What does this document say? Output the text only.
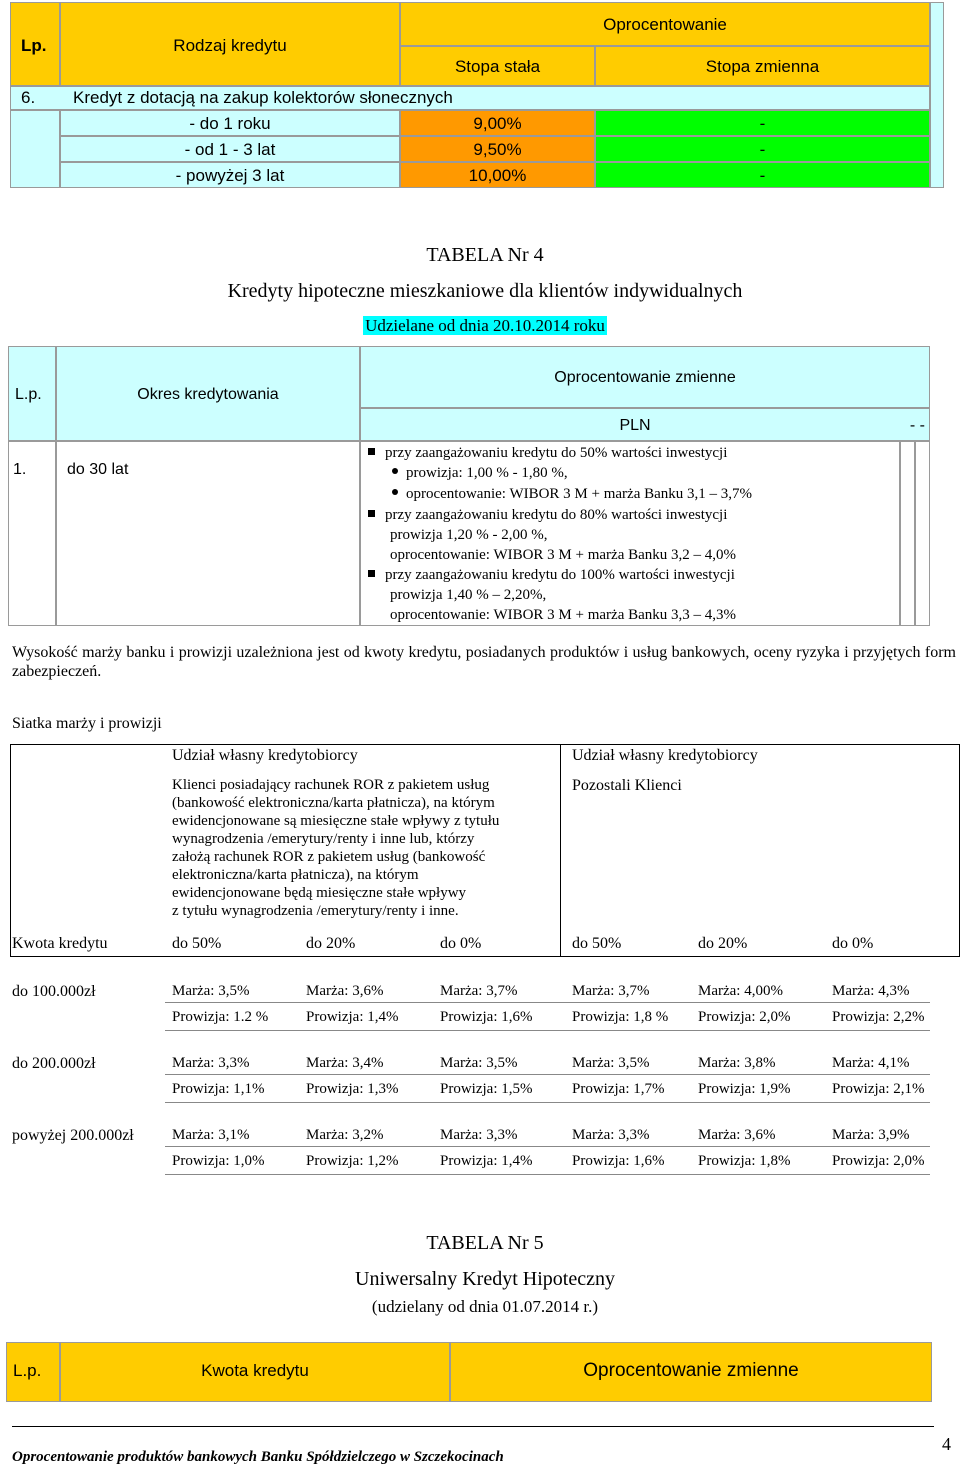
Lp.	Rodzaj kredytu
Oprocentowanie
Stopa stała	Stopa zmienna
6. Kredyt z dotacją na zakup kolektorów słonecznych
- do 1 roku	9,00%	-
- od 1 - 3 lat	9,50%	-
- powyżej 3 lat	10,00%	-
TABELA Nr 4
Kredyty hipoteczne mieszkaniowe dla klientów indywidualnych
Udzielane od dnia 20.10.2014 roku
L.p.	Okres kredytowania
Oprocentowanie zmienne
PLN	- -
1.	do 30 lat
przy zaangażowaniu kredytu do 50% wartości inwestycji
prowizja: 1,00 % - 1,80 %,
oprocentowanie: WIBOR 3 M + marża Banku 3,1 – 3,7%
przy zaangażowaniu kredytu do 80% wartości inwestycji
prowizja 1,20 % - 2,00 %,
oprocentowanie: WIBOR 3 M + marża Banku 3,2 – 4,0%
przy zaangażowaniu kredytu do 100% wartości inwestycji
prowizja 1,40 % – 2,20%,
oprocentowanie: WIBOR 3 M + marża Banku 3,3 – 4,3%
Wysokość marży banku i prowizji uzależniona jest od kwoty kredytu, posiadanych produktów i usług bankowych, oceny ryzyka i przyjętych form zabezpieczeń.
Siatka marży i prowizji
Udział własny kredytobiorcy	Udział własny kredytobiorcy
Klienci posiadający rachunek ROR z pakietem usług
(bankowość elektroniczna/karta płatnicza), na którym
ewidencjonowane są miesięczne stałe wpływy z tytułu
wynagrodzenia /emerytury/renty i inne lub, którzy
założą rachunek ROR z pakietem usług (bankowość
elektroniczna/karta płatnicza), na którym
ewidencjonowane będą miesięczne stałe wpływy
z tytułu wynagrodzenia /emerytury/renty i inne.
Pozostali Klienci
Kwota kredytu	do 50%	do 20%	do 0%	do 50%	do 20%	do 0%
do 100.000zł	Marża: 3,5%	Marża: 3,6%	Marża: 3,7%	Marża: 3,7%	Marża: 4,00%	Marża: 4,3%
Prowizja: 1.2 %	Prowizja: 1,4%	Prowizja: 1,6%	Prowizja: 1,8 % Prowizja: 2,0%	Prowizja: 2,2%
do 200.000zł	Marża: 3,3%	Marża: 3,4%	Marża: 3,5%	Marża: 3,5%	Marża: 3,8%	Marża: 4,1%
Prowizja: 1,1%	Prowizja: 1,3%	Prowizja: 1,5%	Prowizja: 1,7% Prowizja: 1,9%	Prowizja: 2,1%
powyżej 200.000zł	Marża: 3,1%	Marża: 3,2%	Marża: 3,3%	Marża: 3,3%	Marża: 3,6%	Marża: 3,9%
Prowizja: 1,0%	Prowizja: 1,2%	Prowizja: 1,4%	Prowizja: 1,6% Prowizja: 1,8%	Prowizja: 2,0%
TABELA Nr 5
Uniwersalny Kredyt Hipoteczny
(udzielany od dnia 01.07.2014 r.)
L.p.	Kwota kredytu	Oprocentowanie zmienne
Oprocentowanie produktów bankowych Banku Spółdzielczego w Szczekocinach
4
